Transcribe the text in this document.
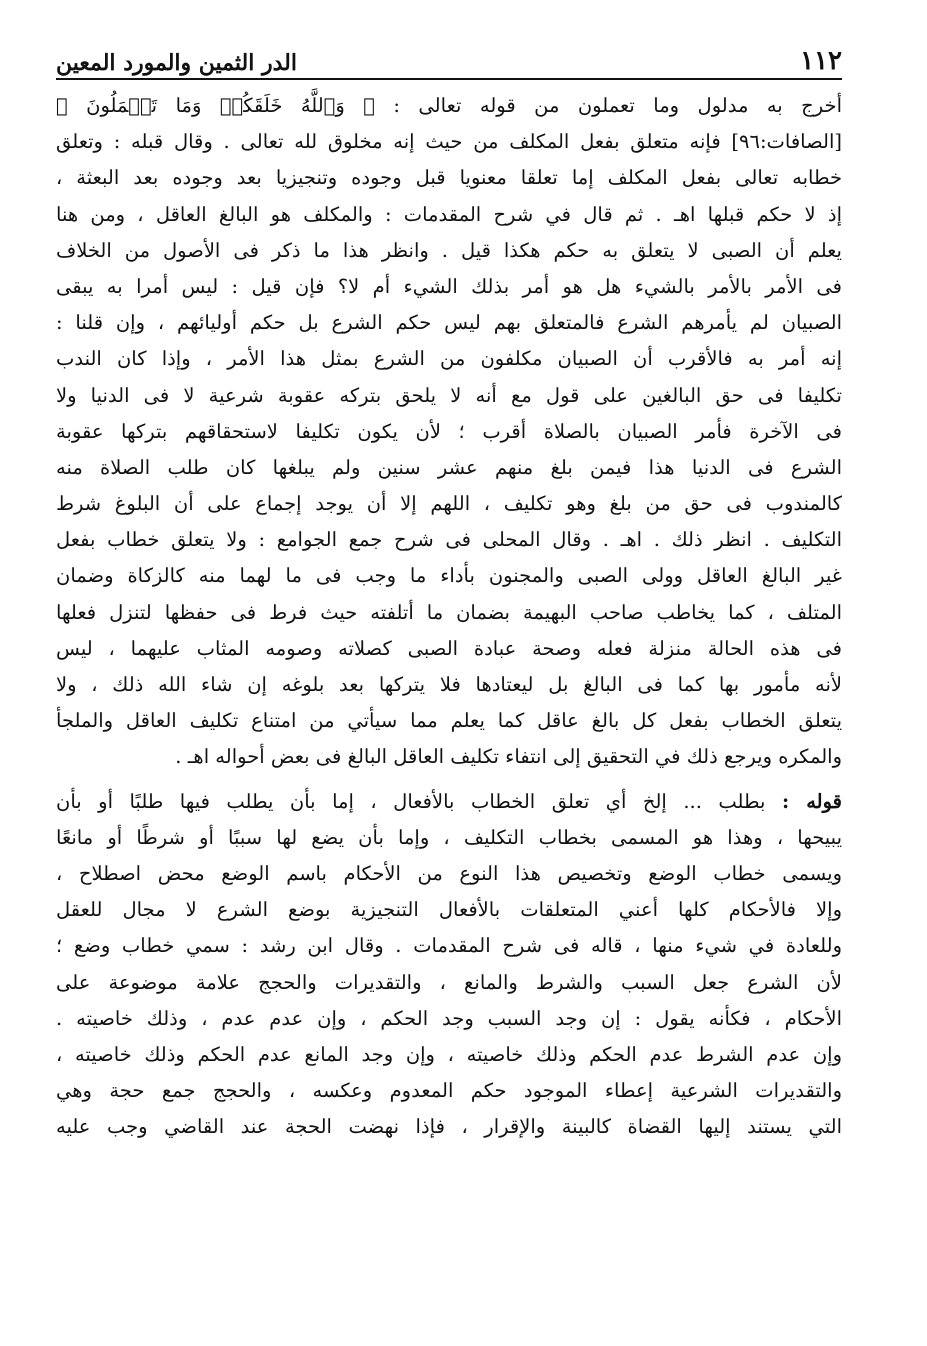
١١٢
الدر الثمين والمورد المعين
أخرج به مدلول وما تعملون من قوله تعالى : ﴿ وَٱللَّهُ خَلَقَكُمۡ وَمَا تَعۡمَلُونَ ﴾
[الصافات:٩٦] فإنه متعلق بفعل المكلف من حيث إنه مخلوق لله تعالى . وقال قبله : وتعلق
خطابه تعالى بفعل المكلف إما تعلقا معنويا قبل وجوده وتنجيزيا بعد وجوده بعد البعثة ،
إذ لا حكم قبلها اهـ . ثم قال في شرح المقدمات : والمكلف هو البالغ العاقل ، ومن هنا
يعلم أن الصبى لا يتعلق به حكم هكذا قيل . وانظر هذا ما ذكر فى الأصول من الخلاف
فى الأمر بالأمر بالشيء هل هو أمر بذلك الشيء أم لا؟ فإن قيل : ليس أمرا به يبقى
الصبيان لم يأمرهم الشرع فالمتعلق بهم ليس حكم الشرع بل حكم أوليائهم ، وإن قلنا :
إنه أمر به فالأقرب أن الصبيان مكلفون من الشرع بمثل هذا الأمر ، وإذا كان الندب
تكليفا فى حق البالغين على قول مع أنه لا يلحق بتركه عقوبة شرعية لا فى الدنيا ولا
فى الآخرة فأمر الصبيان بالصلاة أقرب ؛ لأن يكون تكليفا لاستحقاقهم بتركها عقوبة
الشرع فى الدنيا هذا فيمن بلغ منهم عشر سنين ولم يبلغها كان طلب الصلاة منه
كالمندوب فى حق من بلغ وهو تكليف ، اللهم إلا أن يوجد إجماع على أن البلوغ شرط
التكليف . انظر ذلك . اهـ . وقال المحلى فى شرح جمع الجوامع : ولا يتعلق خطاب بفعل
غير البالغ العاقل وولى الصبى والمجنون بأداء ما وجب فى ما لهما منه كالزكاة وضمان
المتلف ، كما يخاطب صاحب البهيمة بضمان ما أتلفته حيث فرط فى حفظها لتنزل فعلها
فى هذه الحالة منزلة فعله وصحة عبادة الصبى كصلاته وصومه المثاب عليهما ، ليس
لأنه مأمور بها كما فى البالغ بل ليعتادها فلا يتركها بعد بلوغه إن شاء الله ذلك ، ولا
يتعلق الخطاب بفعل كل بالغ عاقل كما يعلم مما سيأتي من امتناع تكليف العاقل والملجأ
والمكره ويرجع ذلك في التحقيق إلى انتفاء تكليف العاقل البالغ فى بعض أحواله اهـ .
قوله : بطلب ... إلخ أي تعلق الخطاب بالأفعال ، إما بأن يطلب فيها طلبًا أو بأن
يبيحها ، وهذا هو المسمى بخطاب التكليف ، وإما بأن يضع لها سببًا أو شرطًا أو مانعًا
ويسمى خطاب الوضع وتخصيص هذا النوع من الأحكام باسم الوضع محض اصطلاح ،
وإلا فالأحكام كلها أعني المتعلقات بالأفعال التنجيزية بوضع الشرع لا مجال للعقل
وللعادة في شيء منها ، قاله فى شرح المقدمات . وقال ابن رشد : سمي خطاب وضع ؛
لأن الشرع جعل السبب والشرط والمانع ، والتقديرات والحجج علامة موضوعة على
الأحكام ، فكأنه يقول : إن وجد السبب وجد الحكم ، وإن عدم عدم ، وذلك خاصيته .
وإن عدم الشرط عدم الحكم وذلك خاصيته ، وإن وجد المانع عدم الحكم وذلك خاصيته ،
والتقديرات الشرعية إعطاء الموجود حكم المعدوم وعكسه ، والحجج جمع حجة وهي
التي يستند إليها القضاة كالبينة والإقرار ، فإذا نهضت الحجة عند القاضي وجب عليه
